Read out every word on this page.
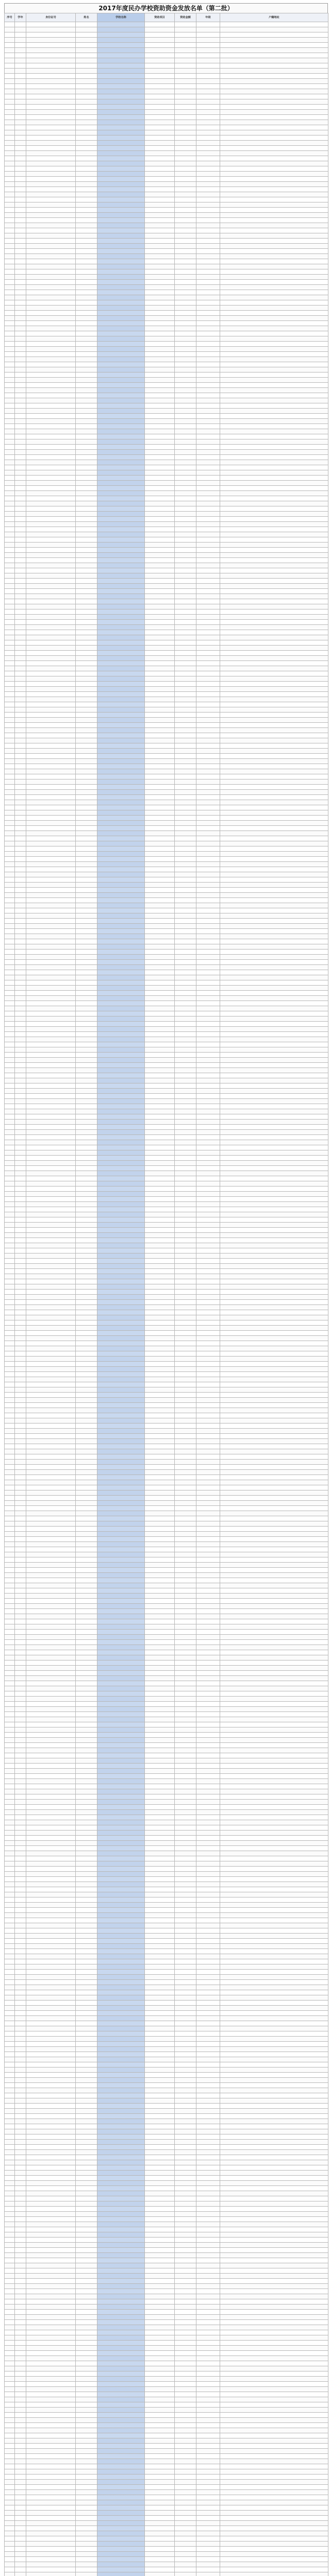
2017年度民办学校资助资金发放名单（第二批）
序号	学年	身份证号	姓名	学校名称	资助项目	资助金额	年级	户籍地址
